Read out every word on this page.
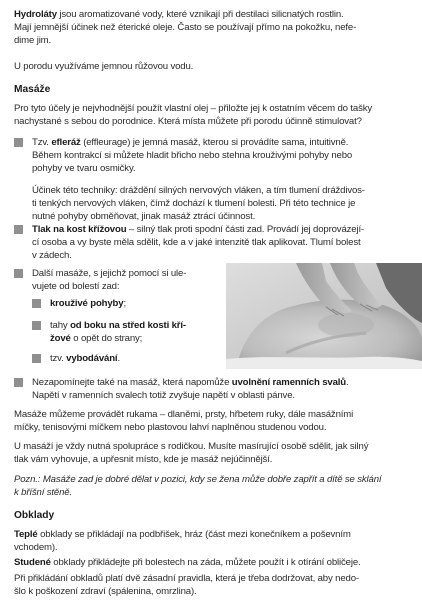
Hydroláty jsou aromatizované vody, které vznikají při destilaci silicnatých rostlin.
Mají jemnější účinek než éterické oleje. Často se používají přímo na pokožku, nefe-
dime jim.
U porodu využíváme jemnou růžovou vodu.
Masáže
Pro tyto účely je nejvhodnější použít vlastní olej – přiložte jej k ostatním věcem do tašky
nachystané s sebou do porodnice. Která místa můžete při porodu účinně stimulovat?
Tzv. efleráž (effleurage) je jemná masáž, kterou si provádíte sama, intuitivně.
Během kontrakcí si můžete hladit břicho nebo stehna krouživými pohyby nebo
pohyby ve tvaru osmičky.
Účinek této techniky: dráždění silných nervových vláken, a tím tlumení dráždivos-
ti tenkých nervových vláken, čímž dochází k tlumení bolesti. Při této technice je
nutné pohyby obměňovat, jinak masáž ztrácí účinnost.
Tlak na kost křížovou – silný tlak proti spodní části zad. Provádí jej doprovázejí-
cí osoba a vy byste měla sdělit, kde a v jaké intenzitě tlak aplikovat. Tlumí bolest
v zádech.
Další masáže, s jejichž pomocí si ule-
vujete od bolestí zad:
krouživé pohyby;
tahy od boku na střed kosti kří-
žové o opět do strany;
tzv. vybodávání.
Nezapomínejte také na masáž, která napomůže uvolnění ramenních svalů.
Napětí v ramenních svalech totiž zvyšuje napětí v oblasti pánve.
Masáže můžeme provádět rukama – dlaněmi, prsty, hřbetem ruky, dále masážními
míčky, tenisovými míčkem nebo plastovou lahví naplněnou studenou vodou.
U masáží je vždy nutná spolupráce s rodičkou. Musíte masírující osobě sdělit, jak silný
tlak vám vyhovuje, a upřesnit místo, kde je masáž nejúčinnější.
Pozn.: Masáže zad je dobré dělat v pozici, kdy se žena může dobře zapřít a dítě se sklání
k bříšní stěně.
Obklady
Teplé obklady se přikládají na podbřišek, hráz (část mezi konečníkem a poševním
vchodem).
Studené obklady přikládejte při bolestech na záda, můžete použít i k otírání obličeje.
Při přikládání obkladů platí dvě zásadní pravidla, která je třeba dodržovat, aby nedo-
šlo k poškození zdraví (spálenina, omrzlina).
